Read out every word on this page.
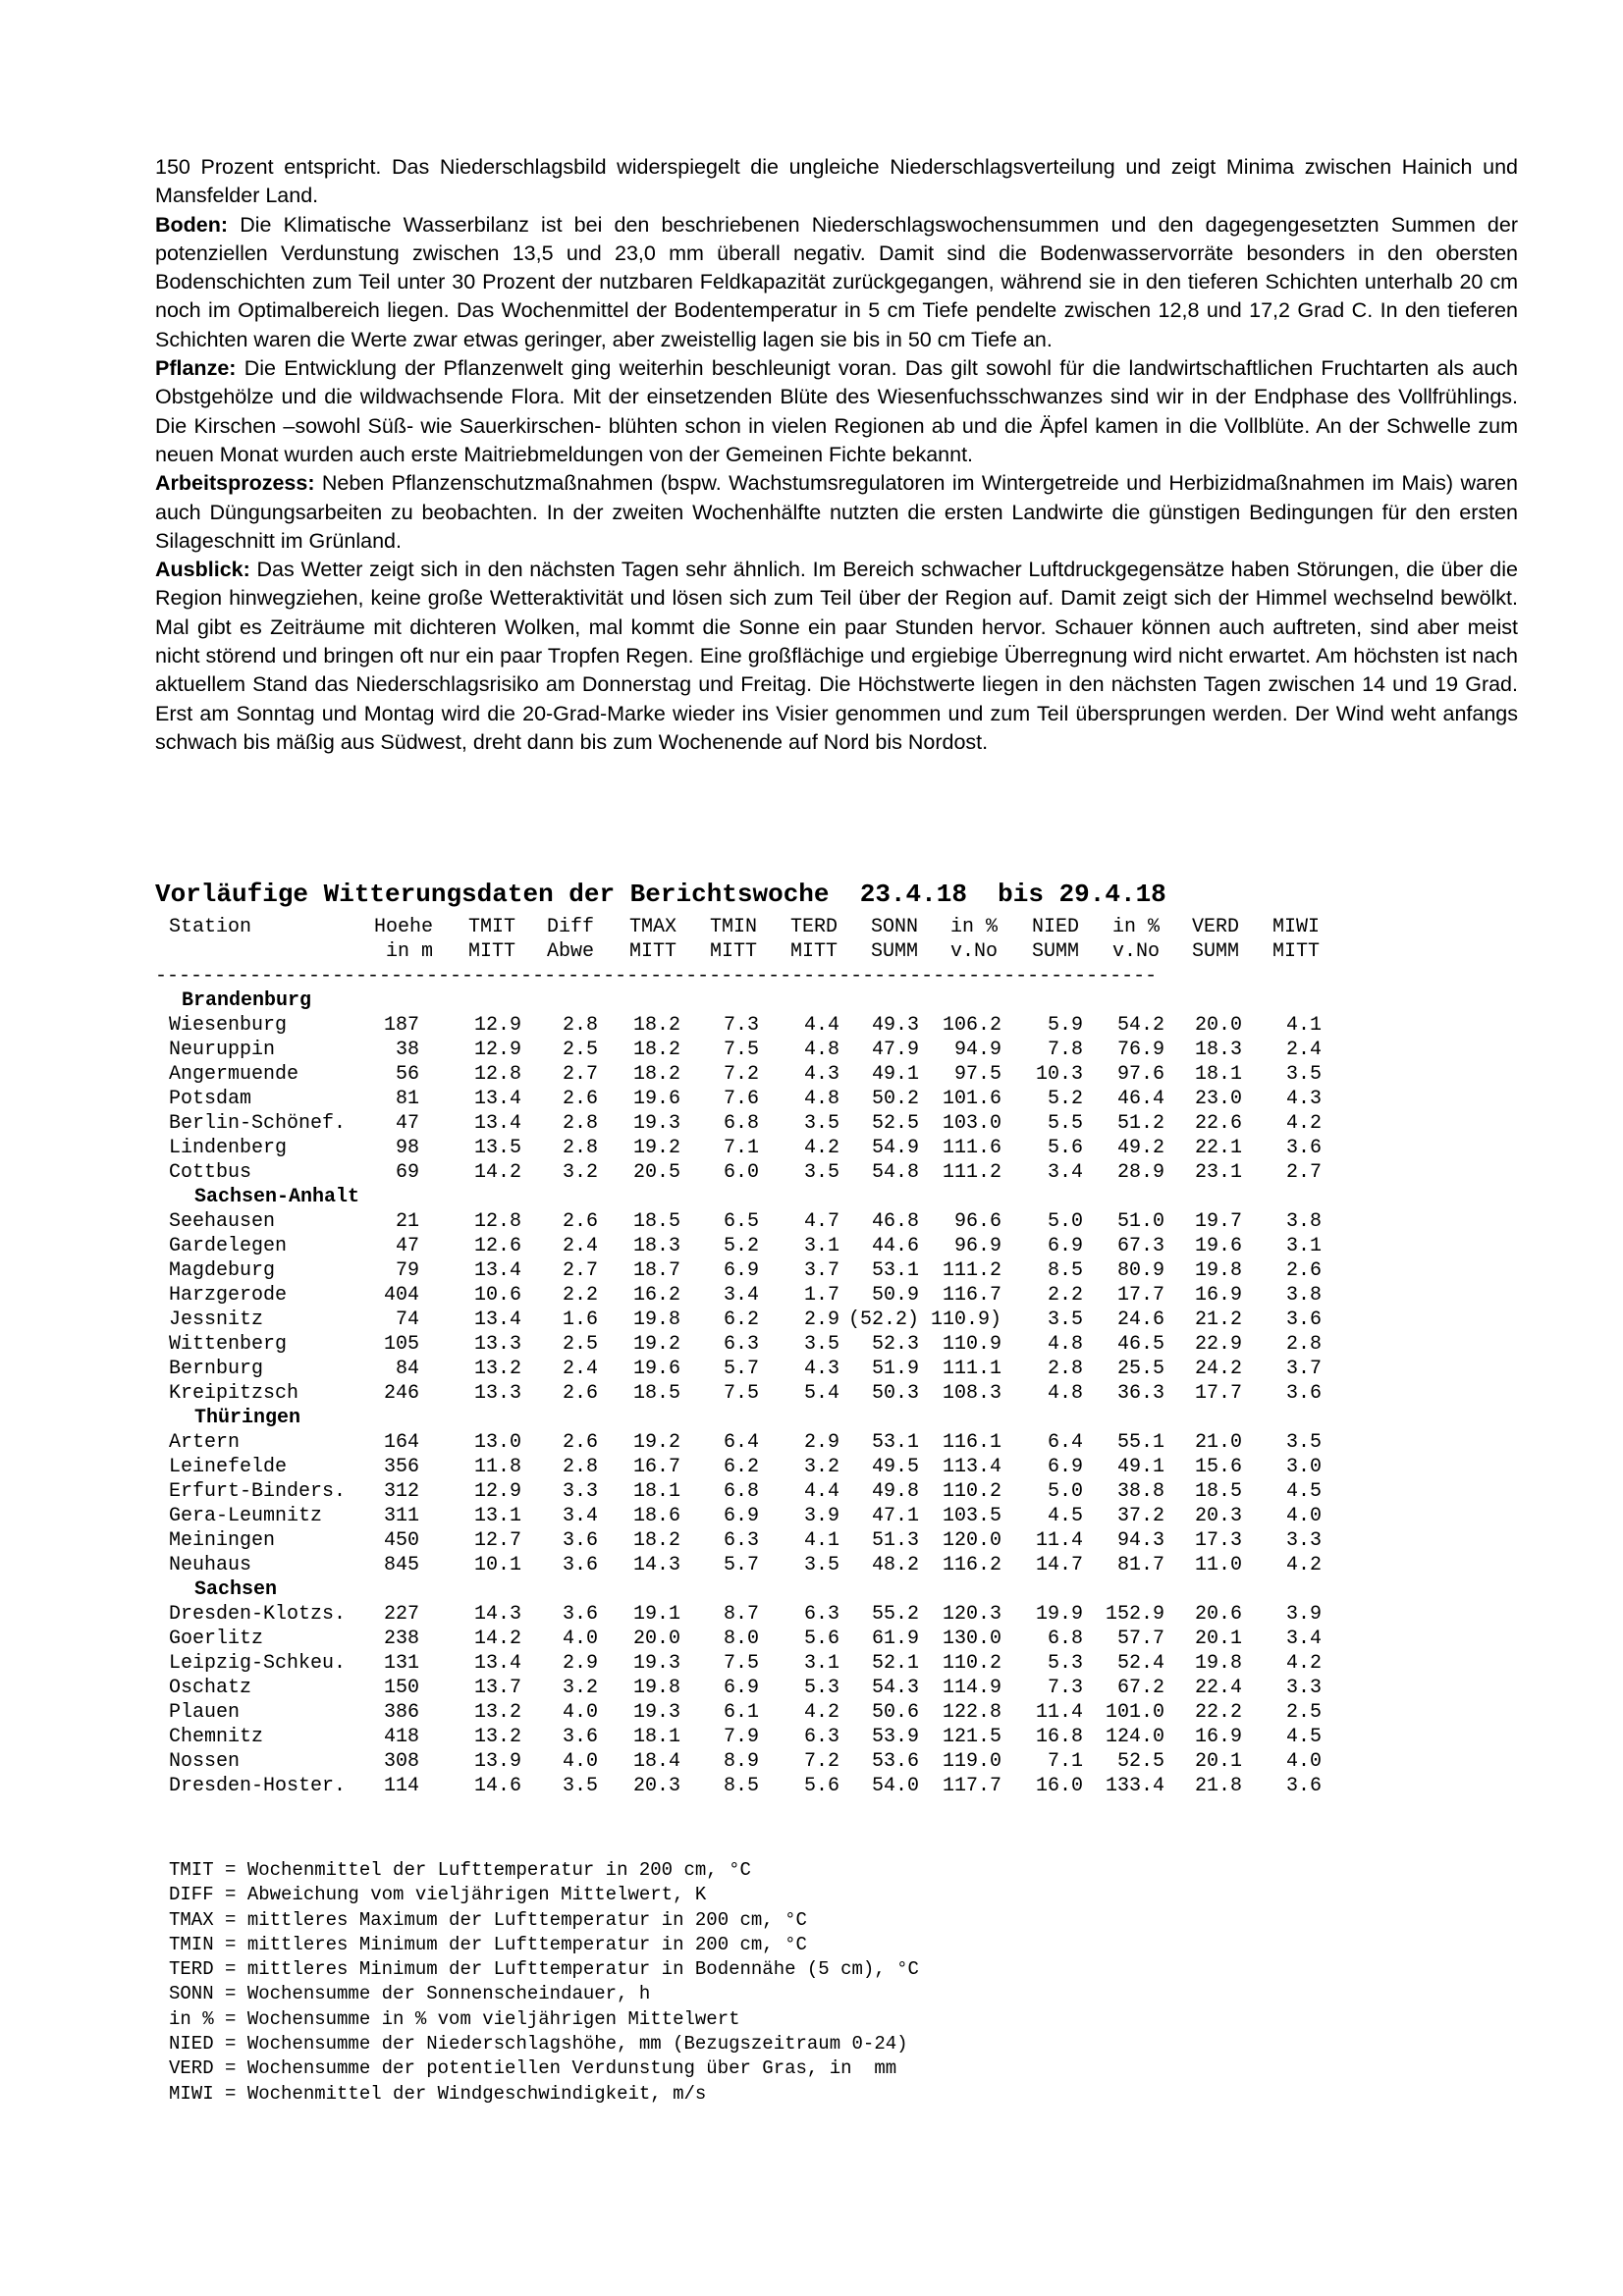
150 Prozent entspricht. Das Niederschlagsbild widerspiegelt die ungleiche Niederschlagsverteilung und zeigt Minima zwischen Hainich und Mansfelder Land.

Boden: Die Klimatische Wasserbilanz ist bei den beschriebenen Niederschlagswochensummen und den dagegengesetzten Summen der potenziellen Verdunstung zwischen 13,5 und 23,0 mm überall negativ. Damit sind die Bodenwasservorräte besonders in den obersten Bodenschichten zum Teil unter 30 Prozent der nutzbaren Feldkapazität zurückgegangen, während sie in den tieferen Schichten unterhalb 20 cm noch im Optimalbereich liegen. Das Wochenmittel der Bodentemperatur in 5 cm Tiefe pendelte zwischen 12,8 und 17,2 Grad C. In den tieferen Schichten waren die Werte zwar etwas geringer, aber zweistellig lagen sie bis in 50 cm Tiefe an.

Pflanze: Die Entwicklung der Pflanzenwelt ging weiterhin beschleunigt voran. Das gilt sowohl für die landwirtschaftlichen Fruchtarten als auch Obstgehölze und die wildwachsende Flora. Mit der einsetzenden Blüte des Wiesenfuchsschwanzes sind wir in der Endphase des Vollfrühlings. Die Kirschen –sowohl Süß- wie Sauerkirschen- blühten schon in vielen Regionen ab und die Äpfel kamen in die Vollblüte. An der Schwelle zum neuen Monat wurden auch erste Maitriebmeldungen von der Gemeinen Fichte bekannt.

Arbeitsprozess: Neben Pflanzenschutzmaßnahmen (bspw. Wachstumsregulatoren im Wintergetreide und Herbizidmaßnahmen im Mais) waren auch Düngungsarbeiten zu beobachten. In der zweiten Wochenhälfte nutzten die ersten Landwirte die günstigen Bedingungen für den ersten Silageschnitt im Grünland.

Ausblick: Das Wetter zeigt sich in den nächsten Tagen sehr ähnlich. Im Bereich schwacher Luftdruckgegensätze haben Störungen, die über die Region hinwegziehen, keine große Wetteraktivität und lösen sich zum Teil über der Region auf. Damit zeigt sich der Himmel wechselnd bewölkt. Mal gibt es Zeiträume mit dichteren Wolken, mal kommt die Sonne ein paar Stunden hervor. Schauer können auch auftreten, sind aber meist nicht störend und bringen oft nur ein paar Tropfen Regen. Eine großflächige und ergiebige Überregnung wird nicht erwartet. Am höchsten ist nach aktuellem Stand das Niederschlagsrisiko am Donnerstag und Freitag. Die Höchstwerte liegen in den nächsten Tagen zwischen 14 und 19 Grad. Erst am Sonntag und Montag wird die 20-Grad-Marke wieder ins Visier genommen und zum Teil übersprungen werden. Der Wind weht anfangs schwach bis mäßig aus Südwest, dreht dann bis zum Wochenende auf Nord bis Nordost.

Vorläufige Witterungsdaten der Berichtswoche  23.4.18  bis 29.4.18
Station	Hoehe TMIT Diff TMAX TMIN TERD SONN in % NIED in % VERD MIWI
in m MITT Abwe MITT MITT MITT SUMM v.No SUMM v.No SUMM MITT
-------------------------------------------------------------------------------------
Brandenburg
Wiesenburg	187	12.9 2.8 18.2 7.3 4.4 49.3 106.2 5.9 54.2 20.0 4.1
Neuruppin	38	12.9 2.5 18.2 7.5 4.8 47.9 94.9 7.8 76.9 18.3 2.4
Angermuende	56	12.8 2.7 18.2 7.2 4.3 49.1 97.5 10.3 97.6 18.1 3.5
Potsdam	81	13.4 2.6 19.6 7.6 4.8 50.2 101.6 5.2 46.4 23.0 4.3
Berlin-Schönef.	47	13.4 2.8 19.3 6.8 3.5 52.5 103.0 5.5 51.2 22.6 4.2
Lindenberg	98	13.5 2.8 19.2 7.1 4.2 54.9 111.6 5.6 49.2 22.1 3.6
Cottbus	69	14.2 3.2 20.5 6.0 3.5 54.8 111.2 3.4 28.9 23.1 2.7
Sachsen-Anhalt
Seehausen	21	12.8 2.6 18.5 6.5 4.7 46.8 96.6 5.0 51.0 19.7 3.8
Gardelegen	47	12.6 2.4 18.3 5.2 3.1 44.6 96.9 6.9 67.3 19.6 3.1
Magdeburg	79	13.4 2.7 18.7 6.9 3.7 53.1 111.2 8.5 80.9 19.8 2.6
Harzgerode	404	10.6 2.2 16.2 3.4 1.7 50.9 116.7 2.2 17.7 16.9 3.8
Jessnitz	74	13.4 1.6 19.8 6.2 2.9 (52.2) 110.9) 3.5 24.6 21.2 3.6
Wittenberg	105	13.3 2.5 19.2 6.3 3.5 52.3 110.9 4.8 46.5 22.9 2.8
Bernburg	84	13.2 2.4 19.6 5.7 4.3 51.9 111.1 2.8 25.5 24.2 3.7
Kreipitzsch	246	13.3 2.6 18.5 7.5 5.4 50.3 108.3 4.8 36.3 17.7 3.6
Thüringen
Artern	164	13.0 2.6 19.2 6.4 2.9 53.1 116.1 6.4 55.1 21.0 3.5
Leinefelde	356	11.8 2.8 16.7 6.2 3.2 49.5 113.4 6.9 49.1 15.6 3.0
Erfurt-Binders. 312	12.9 3.3 18.1 6.8 4.4 49.8 110.2 5.0 38.8 18.5 4.5
Gera-Leumnitz	311	13.1 3.4 18.6 6.9 3.9 47.1 103.5 4.5 37.2 20.3 4.0
Meiningen	450	12.7 3.6 18.2 6.3 4.1 51.3 120.0 11.4 94.3 17.3 3.3
Neuhaus	845	10.1 3.6 14.3 5.7 3.5 48.2 116.2 14.7 81.7 11.0 4.2
Sachsen
Dresden-Klotzs. 227	14.3 3.6 19.1 8.7 6.3 55.2 120.3 19.9 152.9 20.6 3.9
Goerlitz	238	14.2 4.0 20.0 8.0 5.6 61.9 130.0 6.8 57.7 20.1 3.4
Leipzig-Schkeu. 131	13.4 2.9 19.3 7.5 3.1 52.1 110.2 5.3 52.4 19.8 4.2
Oschatz	150	13.7 3.2 19.8 6.9 5.3 54.3 114.9 7.3 67.2 22.4 3.3
Plauen	386	13.2 4.0 19.3 6.1 4.2 50.6 122.8 11.4 101.0 22.2 2.5
Chemnitz	418	13.2 3.6 18.1 7.9 6.3 53.9 121.5 16.8 124.0 16.9 4.5
Nossen	308	13.9 4.0 18.4 8.9 7.2 53.6 119.0 7.1 52.5 20.1 4.0
Dresden-Hoster. 114	14.6 3.5 20.3 8.5 5.6 54.0 117.7 16.0 133.4 21.8 3.6
TMIT = Wochenmittel der Lufttemperatur in 200 cm, °C
DIFF = Abweichung vom vieljährigen Mittelwert, K
TMAX = mittleres Maximum der Lufttemperatur in 200 cm, °C
TMIN = mittleres Minimum der Lufttemperatur in 200 cm, °C
TERD = mittleres Minimum der Lufttemperatur in Bodennähe (5 cm), °C
SONN = Wochensumme der Sonnenscheindauer, h
in % = Wochensumme in % vom vieljährigen Mittelwert
NIED = Wochensumme der Niederschlagshöhe, mm (Bezugszeitraum 0-24)
VERD = Wochensumme der potentiellen Verdunstung über Gras, in  mm
MIWI = Wochenmittel der Windgeschwindigkeit, m/s
